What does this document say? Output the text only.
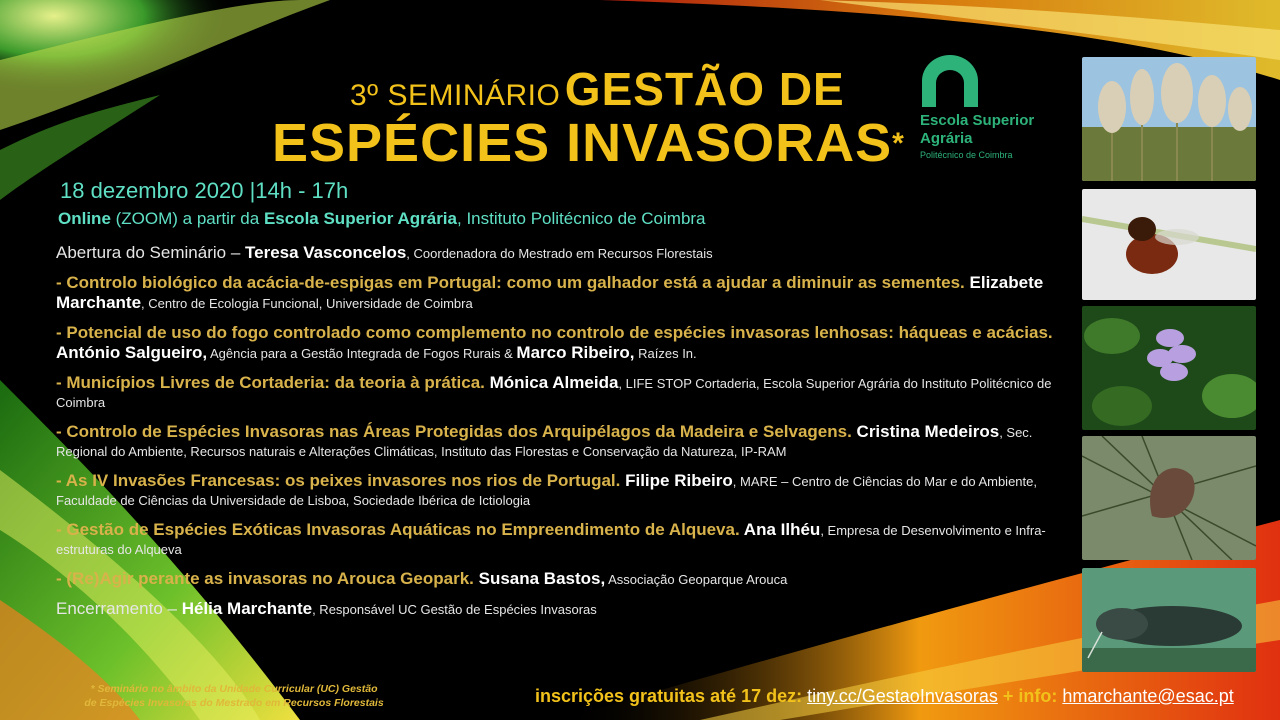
3º SEMINÁRIO GESTÃO DE
ESPÉCIES INVASORAS*
Escola Superior
Agrária
Politécnico de Coimbra
18 dezembro 2020 |14h - 17h
Online (ZOOM) a partir da Escola Superior Agrária, Instituto Politécnico de Coimbra
Abertura do Seminário – Teresa Vasconcelos, Coordenadora do Mestrado em Recursos Florestais
- Controlo biológico da acácia-de-espigas em Portugal: como um galhador está a ajudar a diminuir as sementes. Elizabete Marchante, Centro de Ecologia Funcional, Universidade de Coimbra
- Potencial de uso do fogo controlado como complemento no controlo de espécies invasoras lenhosas: háqueas e acácias. António Salgueiro, Agência para a Gestão Integrada de Fogos Rurais & Marco Ribeiro, Raízes In.
- Municípios Livres de Cortaderia: da teoria à prática. Mónica Almeida, LIFE STOP Cortaderia, Escola Superior Agrária do Instituto Politécnico de Coimbra
- Controlo de Espécies Invasoras nas Áreas Protegidas dos Arquipélagos da Madeira e Selvagens. Cristina Medeiros, Sec. Regional do Ambiente, Recursos naturais e Alterações Climáticas, Instituto das Florestas e Conservação da Natureza, IP-RAM
- As IV Invasões Francesas: os peixes invasores nos rios de Portugal. Filipe Ribeiro, MARE – Centro de Ciências do Mar e do Ambiente, Faculdade de Ciências da Universidade de Lisboa, Sociedade Ibérica de Ictiologia
- Gestão de Espécies Exóticas Invasoras Aquáticas no Empreendimento de Alqueva. Ana Ilhéu, Empresa de Desenvolvimento e Infra-estruturas do Alqueva
- (Re)Agir perante as invasoras no Arouca Geopark. Susana Bastos, Associação Geoparque Arouca
Encerramento – Hélia Marchante, Responsável UC Gestão de Espécies Invasoras
* Seminário no âmbito da Unidade Curricular (UC) Gestão
de Espécies Invasoras do Mestrado em Recursos Florestais	inscrições gratuitas até 17 dez: tiny.cc/GestaoInvasoras + info: hmarchante@esac.pt
